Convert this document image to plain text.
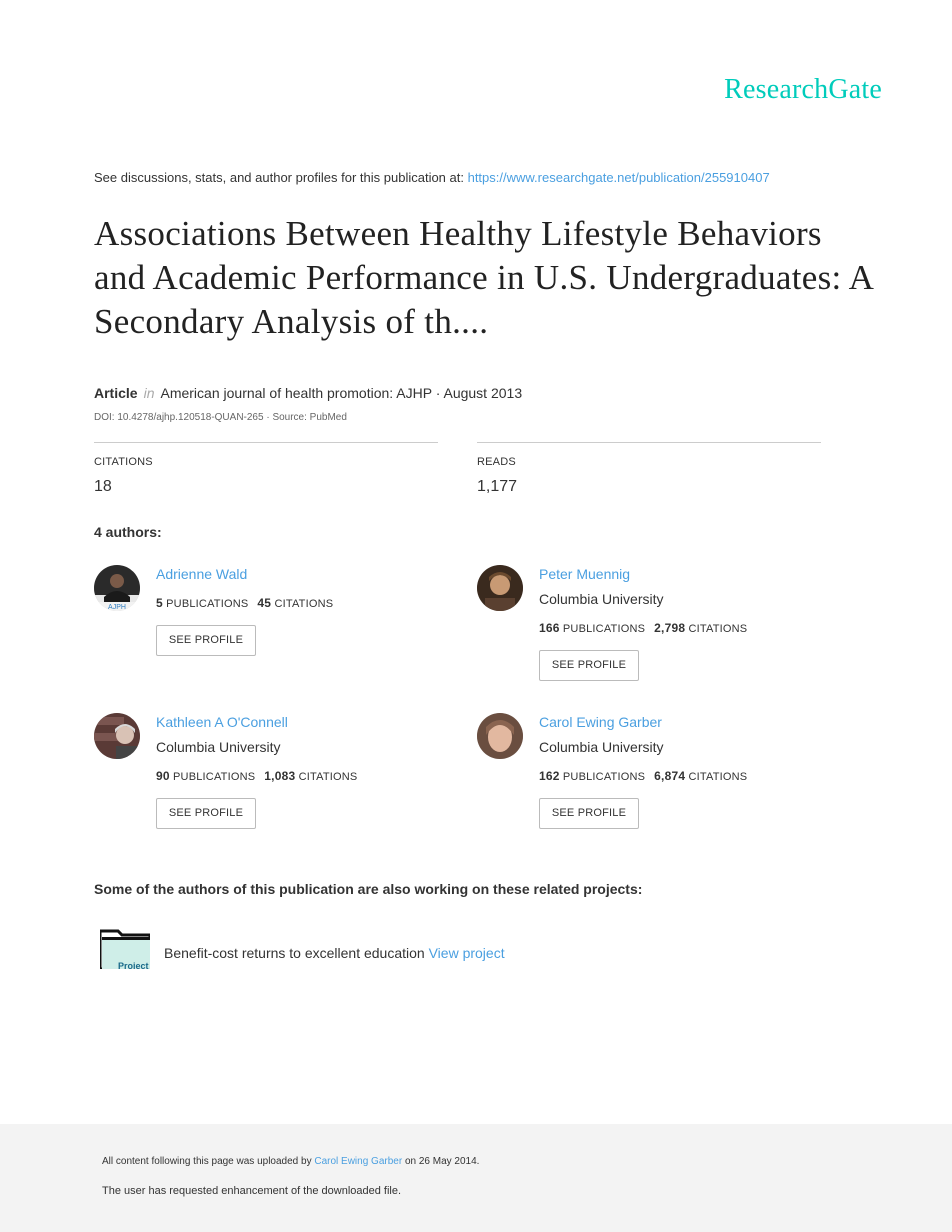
ResearchGate
See discussions, stats, and author profiles for this publication at: https://www.researchgate.net/publication/255910407
Associations Between Healthy Lifestyle Behaviors and Academic Performance in U.S. Undergraduates: A Secondary Analysis of th....
Article in American journal of health promotion: AJHP · August 2013
DOI: 10.4278/ajhp.120518-QUAN-265 · Source: PubMed
CITATIONS
18
READS
1,177
4 authors:
AJPH
Adrienne Wald
5 PUBLICATIONS 45 CITATIONS
SEE PROFILE
Peter Muennig
Columbia University
166 PUBLICATIONS 2,798 CITATIONS
SEE PROFILE
Kathleen A O'Connell
Columbia University
90 PUBLICATIONS 1,083 CITATIONS
SEE PROFILE
Carol Ewing Garber
Columbia University
162 PUBLICATIONS 6,874 CITATIONS
SEE PROFILE
Some of the authors of this publication are also working on these related projects:
Project
Benefit-cost returns to excellent education View project
All content following this page was uploaded by Carol Ewing Garber on 26 May 2014.
The user has requested enhancement of the downloaded file.
